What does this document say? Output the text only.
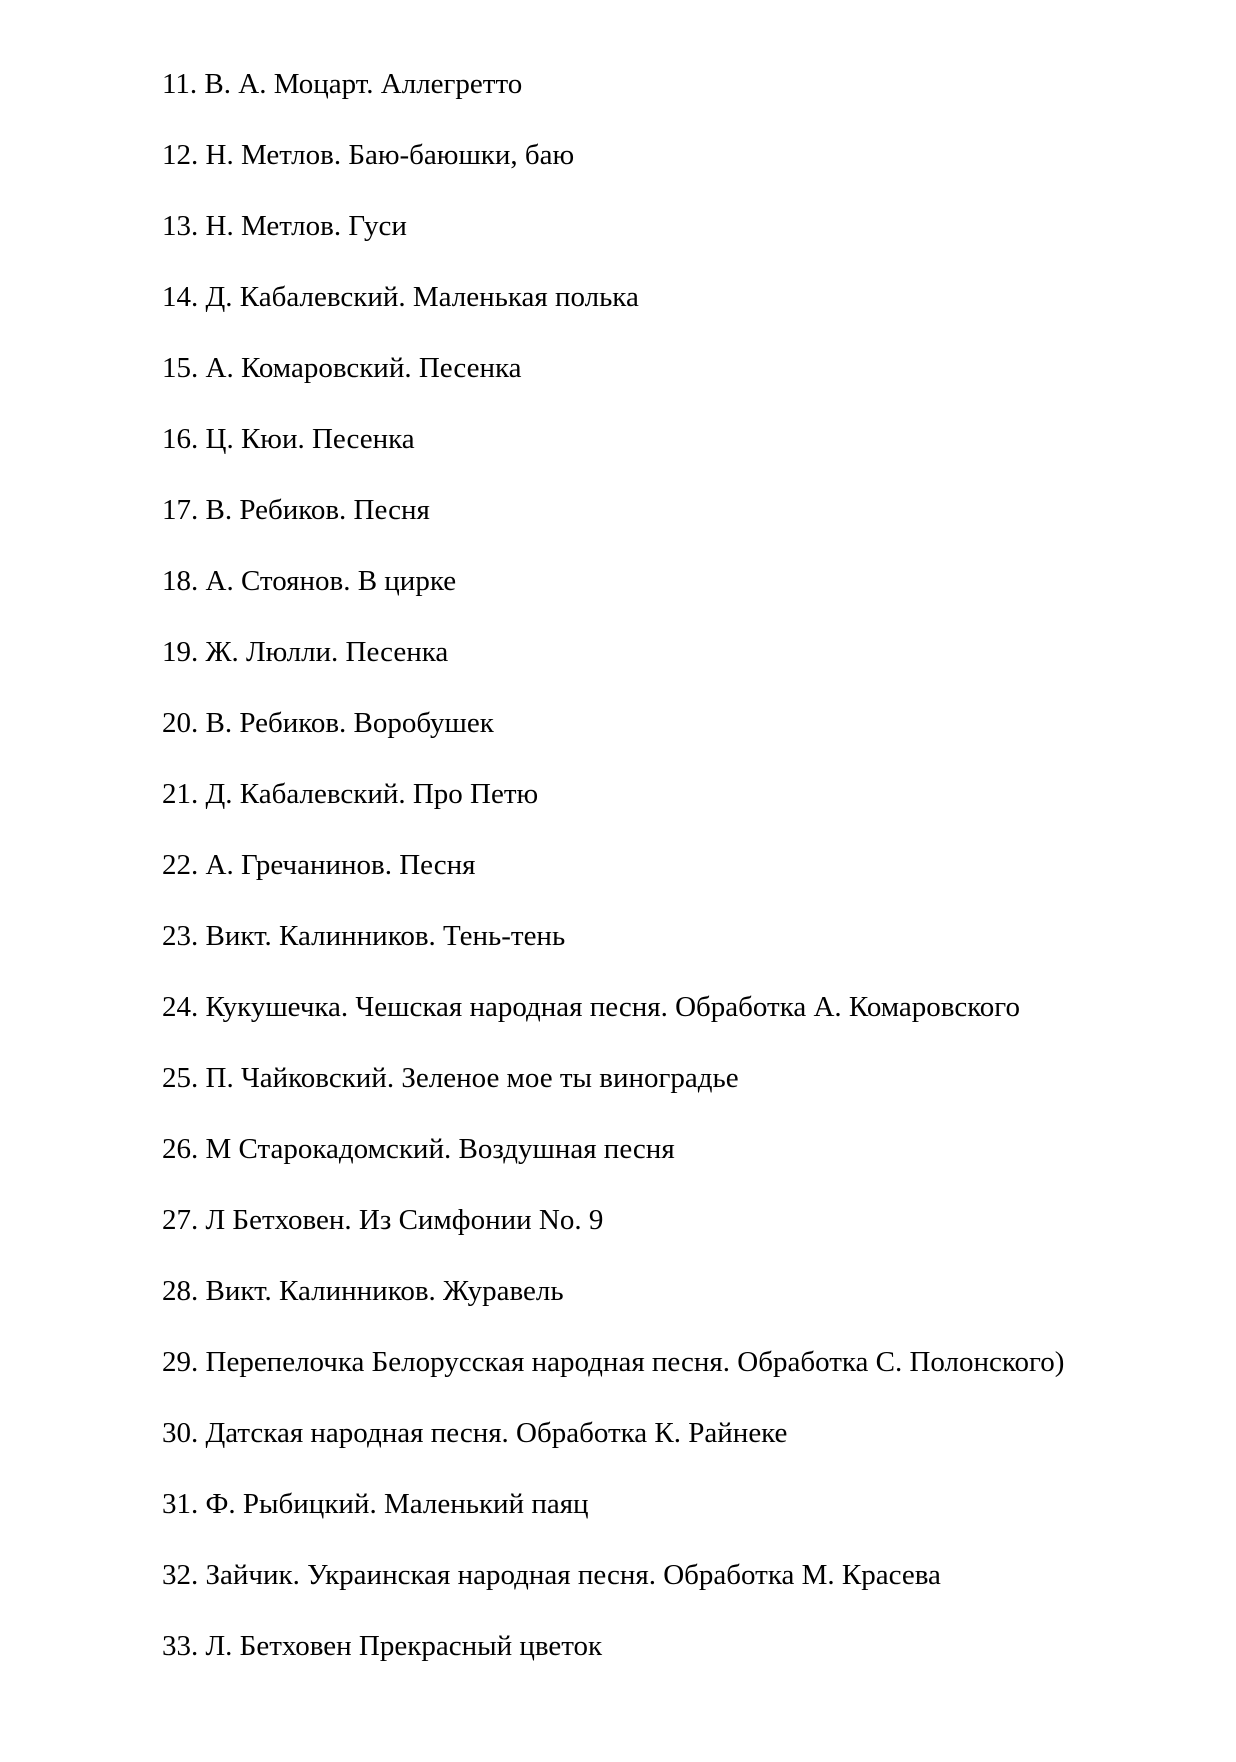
11. В. А. Моцарт. Аллегретто

12. Н. Метлов. Баю-баюшки, баю

13. Н. Метлов. Гуси

14. Д. Кабалевский. Маленькая полька

15. А. Комаровский. Песенка

16. Ц. Кюи. Песенка

17. В. Ребиков. Песня

18. А. Стоянов. В цирке

19. Ж. Люлли. Песенка

20. В. Ребиков. Воробушек

21. Д. Кабалевский. Про Петю

22. А. Гречанинов. Песня

23. Викт. Калинников. Тень-тень

24. Кукушечка. Чешская народная песня. Обработка А. Комаровского

25. П. Чайковский. Зеленое мое ты виноградье

26. М Старокадомский. Воздушная песня

27. Л Бетховен. Из Симфонии No. 9

28. Викт. Калинников. Журавель

29. Перепелочка Белорусская народная песня. Обработка С. Полонского)

30. Датская народная песня. Обработка К. Райнеке

31. Ф. Рыбицкий. Маленький паяц

32. Зайчик. Украинская народная песня. Обработка М. Красева

33. Л. Бетховен Прекрасный цветок
